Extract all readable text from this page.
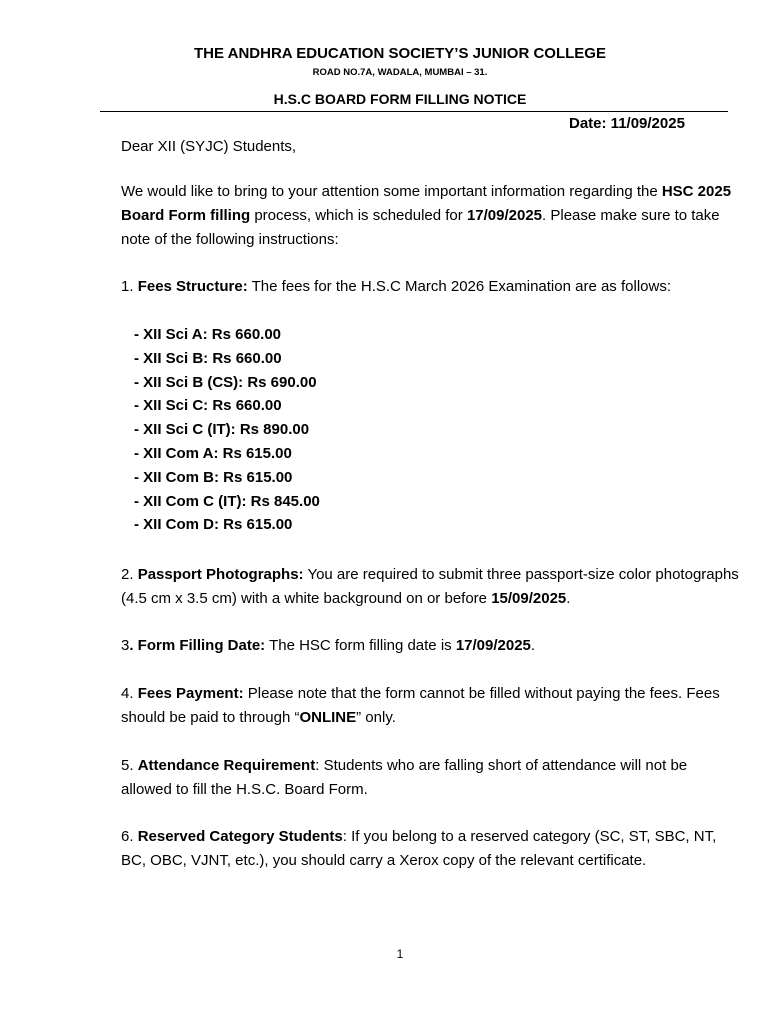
THE ANDHRA EDUCATION SOCIETY’S JUNIOR COLLEGE
ROAD NO.7A, WADALA, MUMBAI – 31.
H.S.C BOARD FORM FILLING NOTICE
Date: 11/09/2025
Dear XII (SYJC) Students,
We would like to bring to your attention some important information regarding the HSC 2025 Board Form filling process, which is scheduled for 17/09/2025. Please make sure to take note of the following instructions:
1. Fees Structure: The fees for the H.S.C March 2026 Examination are as follows:
- XII Sci A: Rs 660.00
- XII Sci B: Rs 660.00
- XII Sci B (CS): Rs 690.00
- XII Sci C: Rs 660.00
- XII Sci C (IT): Rs 890.00
- XII Com A: Rs 615.00
- XII Com B: Rs 615.00
- XII Com C (IT): Rs 845.00
- XII Com D: Rs 615.00
2. Passport Photographs: You are required to submit three passport-size color photographs (4.5 cm x 3.5 cm) with a white background on or before 15/09/2025.
3. Form Filling Date: The HSC form filling date is 17/09/2025.
4. Fees Payment: Please note that the form cannot be filled without paying the fees. Fees should be paid to through “ONLINE” only.
5. Attendance Requirement: Students who are falling short of attendance will not be allowed to fill the H.S.C. Board Form.
6. Reserved Category Students: If you belong to a reserved category (SC, ST, SBC, NT, BC, OBC, VJNT, etc.), you should carry a Xerox copy of the relevant certificate.
1
